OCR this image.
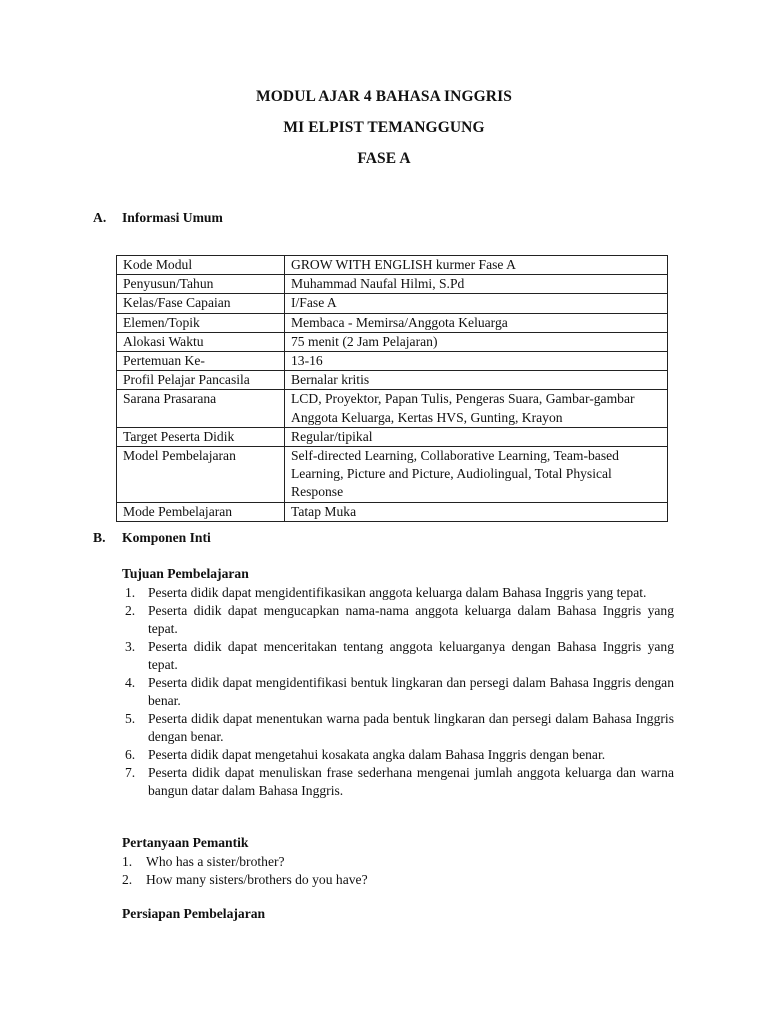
MODUL AJAR 4 BAHASA INGGRIS
MI ELPIST TEMANGGUNG
FASE A
A. Informasi Umum
Kode Modul	GROW WITH ENGLISH kurmer Fase A
Penyusun/Tahun	Muhammad Naufal Hilmi, S.Pd
Kelas/Fase Capaian	I/Fase A
Elemen/Topik	Membaca - Memirsa/Anggota Keluarga
Alokasi Waktu	75 menit (2 Jam Pelajaran)
Pertemuan Ke-	13-16
Profil Pelajar Pancasila	Bernalar kritis
Sarana Prasarana	LCD, Proyektor, Papan Tulis, Pengeras Suara, Gambar-gambar Anggota Keluarga, Kertas HVS, Gunting, Krayon
Target Peserta Didik	Regular/tipikal
Model Pembelajaran	Self-directed Learning, Collaborative Learning, Team-based Learning, Picture and Picture, Audiolingual, Total Physical Response
Mode Pembelajaran	Tatap Muka
B. Komponen Inti
Tujuan Pembelajaran
1. Peserta didik dapat mengidentifikasikan anggota keluarga dalam Bahasa Inggris yang tepat.
2. Peserta didik dapat mengucapkan nama-nama anggota keluarga dalam Bahasa Inggris yang tepat.
3. Peserta didik dapat menceritakan tentang anggota keluarganya dengan Bahasa Inggris yang tepat.
4. Peserta didik dapat mengidentifikasi bentuk lingkaran dan persegi dalam Bahasa Inggris dengan benar.
5. Peserta didik dapat menentukan warna pada bentuk lingkaran dan persegi dalam Bahasa Inggris dengan benar.
6. Peserta didik dapat mengetahui kosakata angka dalam Bahasa Inggris dengan benar.
7. Peserta didik dapat menuliskan frase sederhana mengenai jumlah anggota keluarga dan warna bangun datar dalam Bahasa Inggris.
Pertanyaan Pemantik
1. Who has a sister/brother?
2. How many sisters/brothers do you have?
Persiapan Pembelajaran
